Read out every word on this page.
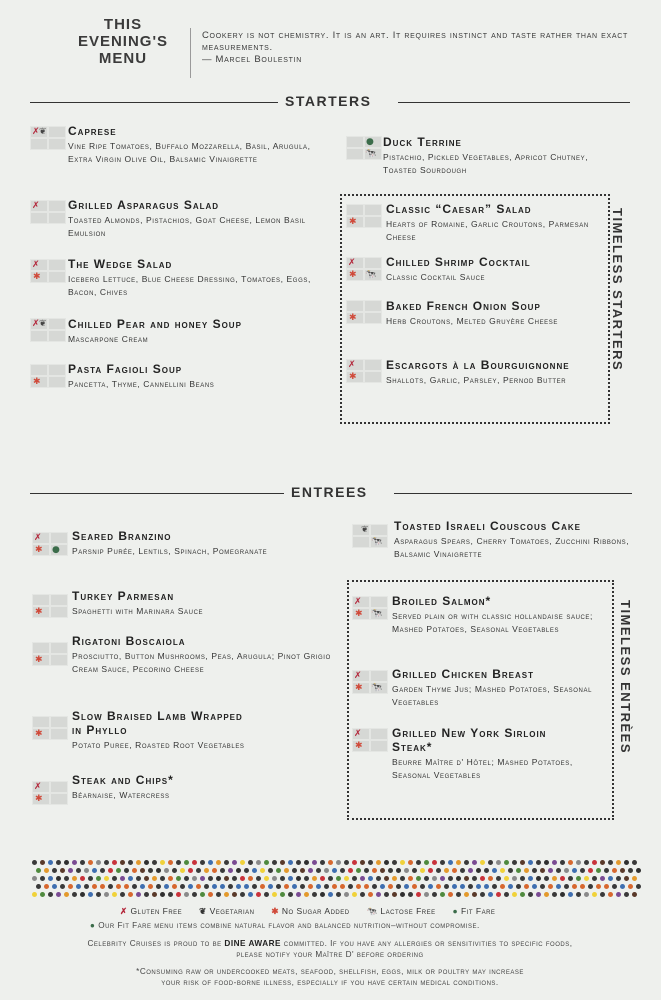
THIS
EVENING'S
MENU
Cookery is not chemistry. It is an art. It requires instinct and taste rather than exact measurements.
— Marcel Boulestin
STARTERS
✗ ❦ Caprese
Vine Ripe Tomatoes, Buffalo Mozzarella, Basil, Arugula, Extra Virgin Olive Oil, Balsamic Vinaigrette
✗ Grilled Asparagus Salad
Toasted Almonds, Pistachios, Goat Cheese, Lemon Basil Emulsion
✗
✱
The Wedge Salad
Iceberg Lettuce, Blue Cheese Dressing, Tomatoes, Eggs, Bacon, Chives
✗ ❦ Chilled Pear and honey Soup
Mascarpone Cream
✱
Pasta Fagioli Soup
Pancetta, Thyme, Cannellini Beans
●
🐄
Duck Terrine
Pistachio, Pickled Vegetables, Apricot Chutney, Toasted Sourdough
TIMELESS STARTERS
✱
Classic “Caesar” Salad
Hearts of Romaine, Garlic Croutons, Parmesan Cheese
✗
✱ 🐄
Chilled Shrimp Cocktail
Classic Cocktail Sauce
✱
Baked French Onion Soup
Herb Croutons, Melted Gruyère Cheese
✗
✱
Escargots à la Bourguignonne
Shallots, Garlic, Parsley, Pernod Butter
ENTREES
✗
✱ ●
Seared Branzino
Parsnip Purée, Lentils, Spinach, Pomegranate
✱
Turkey Parmesan
Spaghetti with Marinara Sauce
✱
Rigatoni Boscaiola
Prosciutto, Button Mushrooms, Peas, Arugula; Pinot Grigio Cream Sauce, Pecorino Cheese
✱
Slow Braised Lamb Wrapped in Phyllo
Potato Puree, Roasted Root Vegetables
✗
✱
Steak and Chips*
Béarnaise, Watercress
❦
🐄
Toasted Israeli Couscous Cake
Asparagus Spears, Cherry Tomatoes, Zucchini Ribbons, Balsamic Vinaigrette
TIMELESS ENTRÈES
✗
✱ 🐄
Broiled Salmon*
Served plain or with classic hollandaise sauce; Mashed Potatoes, Seasonal Vegetables
✗
✱ 🐄
Grilled Chicken Breast
Garden Thyme Jus; Mashed Potatoes, Seasonal Vegetables
✗
✱
Grilled New York Sirloin Steak*
Beurre Maître d' Hôtel; Mashed Potatoes, Seasonal Vegetables
✗ Gluten Free ❦ Vegetarian ✱ No Sugar Added 🐄 Lactose Free ● Fit Fare
● Our Fit Fare menu items combine natural flavor and balanced nutrition–without compromise.
Celebrity Cruises is proud to be DINE AWARE committed. If you have any allergies or sensitivities to specific foods,
please notify your Maître D' before ordering
*Consuming raw or undercooked meats, seafood, shellfish, eggs, milk or poultry may increase
your risk of food-borne illness, especially if you have certain medical conditions.
